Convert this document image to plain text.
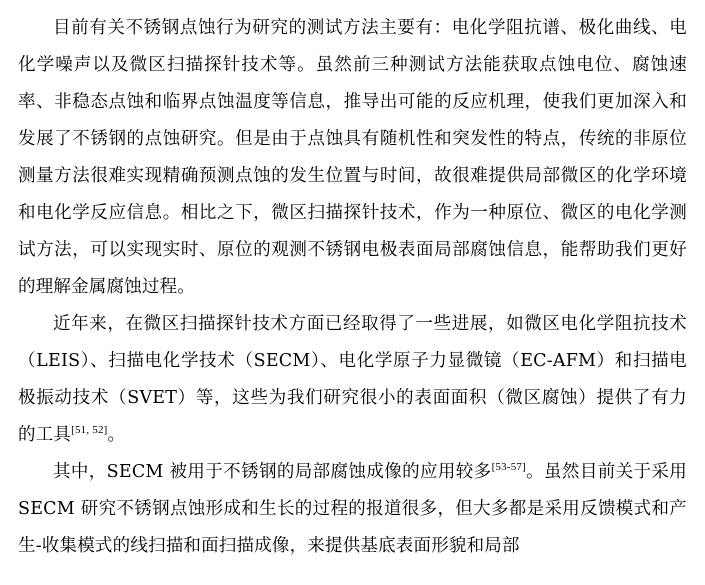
目前有关不锈钢点蚀行为研究的测试方法主要有：电化学阻抗谱、极化曲线、电化学噪声以及微区扫描探针技术等。虽然前三种测试方法能获取点蚀电位、腐蚀速率、非稳态点蚀和临界点蚀温度等信息，推导出可能的反应机理，使我们更加深入和发展了不锈钢的点蚀研究。但是由于点蚀具有随机性和突发性的特点，传统的非原位测量方法很难实现精确预测点蚀的发生位置与时间，故很难提供局部微区的化学环境和电化学反应信息。相比之下，微区扫描探针技术，作为一种原位、微区的电化学测试方法，可以实现实时、原位的观测不锈钢电极表面局部腐蚀信息，能帮助我们更好的理解金属腐蚀过程。

近年来，在微区扫描探针技术方面已经取得了一些进展，如微区电化学阻抗技术（LEIS）、扫描电化学技术（SECM）、电化学原子力显微镜（EC-AFM）和扫描电极振动技术（SVET）等，这些为我们研究很小的表面面积（微区腐蚀）提供了有力的工具[51, 52]。

其中，SECM 被用于不锈钢的局部腐蚀成像的应用较多[53-57]。虽然目前关于采用 SECM 研究不锈钢点蚀形成和生长的过程的报道很多，但大多都是采用反馈模式和产生-收集模式的线扫描和面扫描成像，来提供基底表面形貌和局部
